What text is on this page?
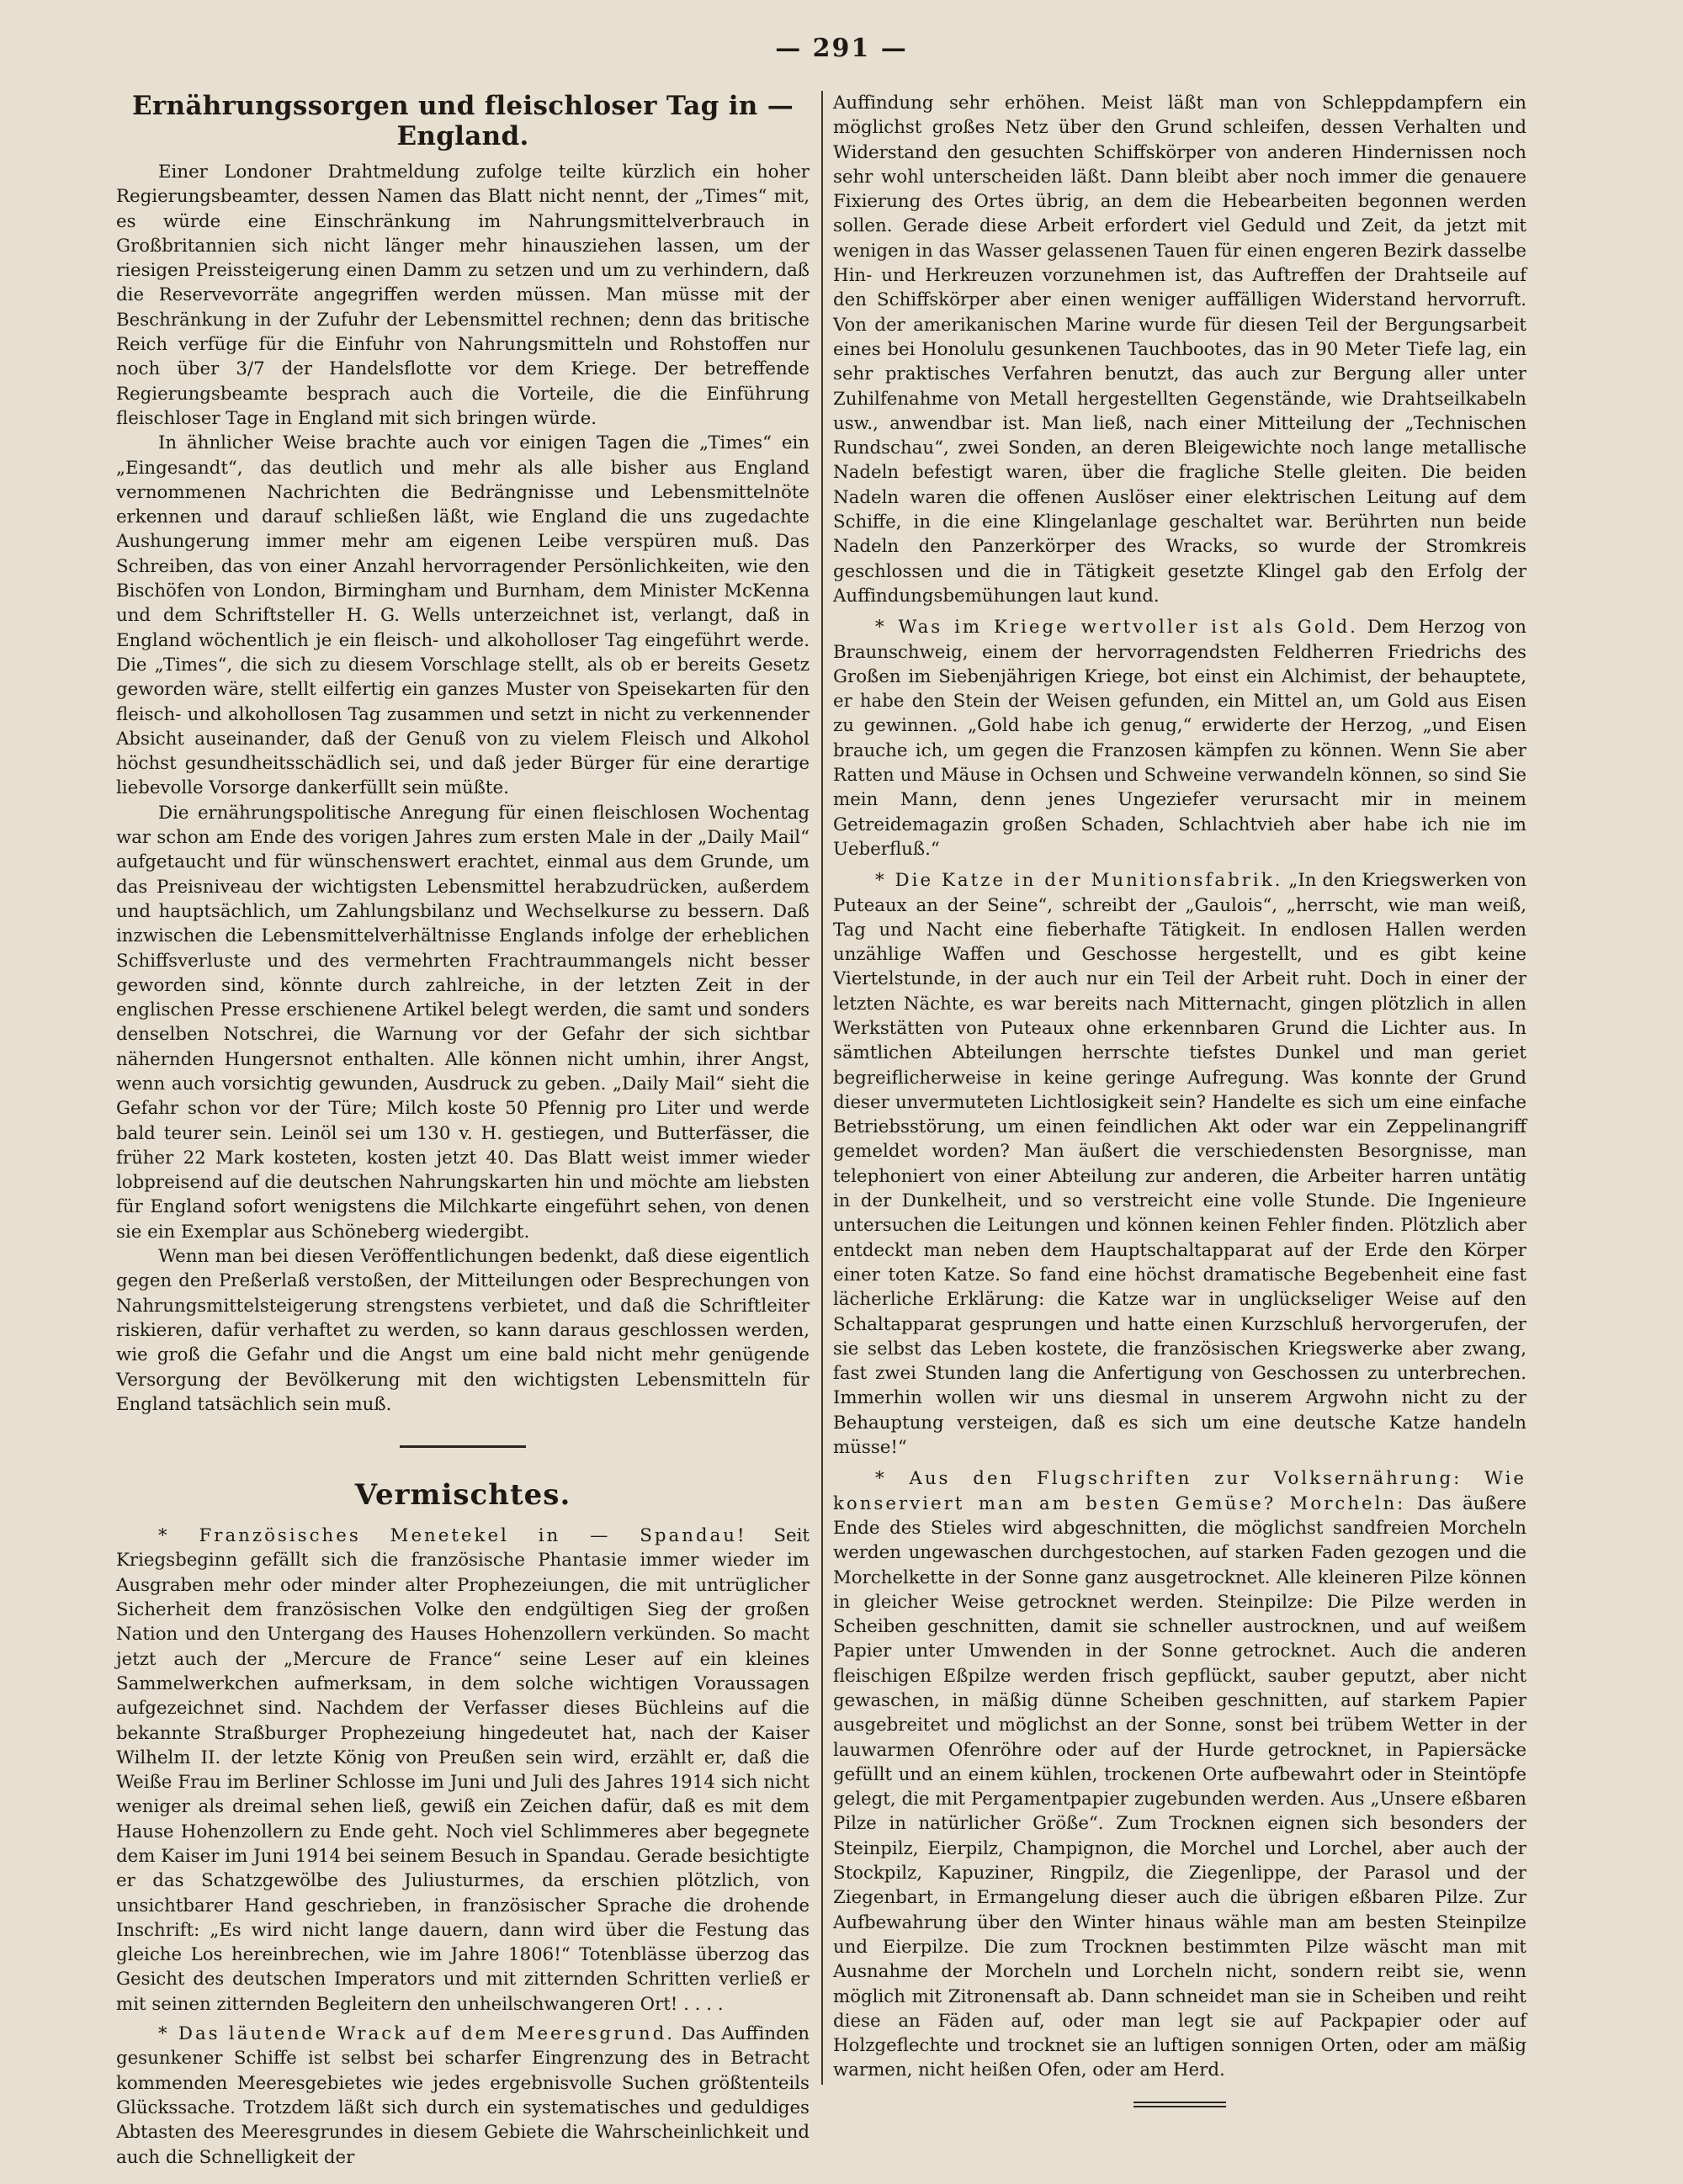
— 291 —
Ernährungssorgen und fleischloser Tag in — England.

Einer Londoner Drahtmeldung zufolge teilte kürzlich ein hoher Regierungsbeamter, dessen Namen das Blatt nicht nennt, der „Times“ mit, es würde eine Einschränkung im Nahrungsmittelverbrauch in Großbritannien sich nicht länger mehr hinausziehen lassen, um der riesigen Preissteigerung einen Damm zu setzen und um zu verhindern, daß die Reservevorräte angegriffen werden müssen. Man müsse mit der Beschränkung in der Zufuhr der Lebensmittel rechnen; denn das britische Reich verfüge für die Einfuhr von Nahrungsmitteln und Rohstoffen nur noch über 3/7 der Handelsflotte vor dem Kriege. Der betreffende Regierungsbeamte besprach auch die Vorteile, die die Einführung fleischloser Tage in England mit sich bringen würde.

In ähnlicher Weise brachte auch vor einigen Tagen die „Times“ ein „Eingesandt“, das deutlich und mehr als alle bisher aus England vernommenen Nachrichten die Bedrängnisse und Lebensmittelnöte erkennen und darauf schließen läßt, wie England die uns zugedachte Aushungerung immer mehr am eigenen Leibe verspüren muß. Das Schreiben, das von einer Anzahl hervorragender Persönlichkeiten, wie den Bischöfen von London, Birmingham und Burnham, dem Minister McKenna und dem Schriftsteller H. G. Wells unterzeichnet ist, verlangt, daß in England wöchentlich je ein fleisch- und alkoholloser Tag eingeführt werde. Die „Times“, die sich zu diesem Vorschlage stellt, als ob er bereits Gesetz geworden wäre, stellt eilfertig ein ganzes Muster von Speisekarten für den fleisch- und alkohollosen Tag zusammen und setzt in nicht zu verkennender Absicht auseinander, daß der Genuß von zu vielem Fleisch und Alkohol höchst gesundheitsschädlich sei, und daß jeder Bürger für eine derartige liebevolle Vorsorge dankerfüllt sein müßte.

Die ernährungspolitische Anregung für einen fleischlosen Wochentag war schon am Ende des vorigen Jahres zum ersten Male in der „Daily Mail“ aufgetaucht und für wünschenswert erachtet, einmal aus dem Grunde, um das Preisniveau der wichtigsten Lebensmittel herabzudrücken, außerdem und hauptsächlich, um Zahlungsbilanz und Wechselkurse zu bessern. Daß inzwischen die Lebensmittelverhältnisse Englands infolge der erheblichen Schiffsverluste und des vermehrten Frachtraummangels nicht besser geworden sind, könnte durch zahlreiche, in der letzten Zeit in der englischen Presse erschienene Artikel belegt werden, die samt und sonders denselben Notschrei, die Warnung vor der Gefahr der sich sichtbar nähernden Hungersnot enthalten. Alle können nicht umhin, ihrer Angst, wenn auch vorsichtig gewunden, Ausdruck zu geben. „Daily Mail“ sieht die Gefahr schon vor der Türe; Milch koste 50 Pfennig pro Liter und werde bald teurer sein. Leinöl sei um 130 v. H. gestiegen, und Butterfässer, die früher 22 Mark kosteten, kosten jetzt 40. Das Blatt weist immer wieder lobpreisend auf die deutschen Nahrungskarten hin und möchte am liebsten für England sofort wenigstens die Milchkarte eingeführt sehen, von denen sie ein Exemplar aus Schöneberg wiedergibt.

Wenn man bei diesen Veröffentlichungen bedenkt, daß diese eigentlich gegen den Preßerlaß verstoßen, der Mitteilungen oder Besprechungen von Nahrungsmittelsteigerung strengstens verbietet, und daß die Schriftleiter riskieren, dafür verhaftet zu werden, so kann daraus geschlossen werden, wie groß die Gefahr und die Angst um eine bald nicht mehr genügende Versorgung der Bevölkerung mit den wichtigsten Lebensmitteln für England tatsächlich sein muß.

Vermischtes.

* Französisches Menetekel in — Spandau! Seit Kriegsbeginn gefällt sich die französische Phantasie immer wieder im Ausgraben mehr oder minder alter Prophezeiungen, die mit untrüglicher Sicherheit dem französischen Volke den endgültigen Sieg der großen Nation und den Untergang des Hauses Hohenzollern verkünden. So macht jetzt auch der „Mercure de France“ seine Leser auf ein kleines Sammelwerkchen aufmerksam, in dem solche wichtigen Voraussagen aufgezeichnet sind. Nachdem der Verfasser dieses Büchleins auf die bekannte Straßburger Prophezeiung hingedeutet hat, nach der Kaiser Wilhelm II. der letzte König von Preußen sein wird, erzählt er, daß die Weiße Frau im Berliner Schlosse im Juni und Juli des Jahres 1914 sich nicht weniger als dreimal sehen ließ, gewiß ein Zeichen dafür, daß es mit dem Hause Hohenzollern zu Ende geht. Noch viel Schlimmeres aber begegnete dem Kaiser im Juni 1914 bei seinem Besuch in Spandau. Gerade besichtigte er das Schatzgewölbe des Juliusturmes, da erschien plötzlich, von unsichtbarer Hand geschrieben, in französischer Sprache die drohende Inschrift: „Es wird nicht lange dauern, dann wird über die Festung das gleiche Los hereinbrechen, wie im Jahre 1806!“ Totenblässe überzog das Gesicht des deutschen Imperators und mit zitternden Schritten verließ er mit seinen zitternden Begleitern den unheilschwangeren Ort! . . . .

* Das läutende Wrack auf dem Meeresgrund. Das Auffinden gesunkener Schiffe ist selbst bei scharfer Eingrenzung des in Betracht kommenden Meeresgebietes wie jedes ergebnisvolle Suchen größtenteils Glückssache. Trotzdem läßt sich durch ein systematisches und geduldiges Abtasten des Meeresgrundes in diesem Gebiete die Wahrscheinlichkeit und auch die Schnelligkeit der

Auffindung sehr erhöhen. Meist läßt man von Schleppdampfern ein möglichst großes Netz über den Grund schleifen, dessen Verhalten und Widerstand den gesuchten Schiffskörper von anderen Hindernissen noch sehr wohl unterscheiden läßt. Dann bleibt aber noch immer die genauere Fixierung des Ortes übrig, an dem die Hebearbeiten begonnen werden sollen. Gerade diese Arbeit erfordert viel Geduld und Zeit, da jetzt mit wenigen in das Wasser gelassenen Tauen für einen engeren Bezirk dasselbe Hin- und Herkreuzen vorzunehmen ist, das Auftreffen der Drahtseile auf den Schiffskörper aber einen weniger auffälligen Widerstand hervorruft. Von der amerikanischen Marine wurde für diesen Teil der Bergungsarbeit eines bei Honolulu gesunkenen Tauchbootes, das in 90 Meter Tiefe lag, ein sehr praktisches Verfahren benutzt, das auch zur Bergung aller unter Zuhilfenahme von Metall hergestellten Gegenstände, wie Drahtseilkabeln usw., anwendbar ist. Man ließ, nach einer Mitteilung der „Technischen Rundschau“, zwei Sonden, an deren Bleigewichte noch lange metallische Nadeln befestigt waren, über die fragliche Stelle gleiten. Die beiden Nadeln waren die offenen Auslöser einer elektrischen Leitung auf dem Schiffe, in die eine Klingelanlage geschaltet war. Berührten nun beide Nadeln den Panzerkörper des Wracks, so wurde der Stromkreis geschlossen und die in Tätigkeit gesetzte Klingel gab den Erfolg der Auffindungsbemühungen laut kund.

* Was im Kriege wertvoller ist als Gold. Dem Herzog von Braunschweig, einem der hervorragendsten Feldherren Friedrichs des Großen im Siebenjährigen Kriege, bot einst ein Alchimist, der behauptete, er habe den Stein der Weisen gefunden, ein Mittel an, um Gold aus Eisen zu gewinnen. „Gold habe ich genug,“ erwiderte der Herzog, „und Eisen brauche ich, um gegen die Franzosen kämpfen zu können. Wenn Sie aber Ratten und Mäuse in Ochsen und Schweine verwandeln können, so sind Sie mein Mann, denn jenes Ungeziefer verursacht mir in meinem Getreidemagazin großen Schaden, Schlachtvieh aber habe ich nie im Ueberfluß.“

* Die Katze in der Munitionsfabrik. „In den Kriegswerken von Puteaux an der Seine“, schreibt der „Gaulois“, „herrscht, wie man weiß, Tag und Nacht eine fieberhafte Tätigkeit. In endlosen Hallen werden unzählige Waffen und Geschosse hergestellt, und es gibt keine Viertelstunde, in der auch nur ein Teil der Arbeit ruht. Doch in einer der letzten Nächte, es war bereits nach Mitternacht, gingen plötzlich in allen Werkstätten von Puteaux ohne erkennbaren Grund die Lichter aus. In sämtlichen Abteilungen herrschte tiefstes Dunkel und man geriet begreiflicherweise in keine geringe Aufregung. Was konnte der Grund dieser unvermuteten Lichtlosigkeit sein? Handelte es sich um eine einfache Betriebsstörung, um einen feindlichen Akt oder war ein Zeppelinangriff gemeldet worden? Man äußert die verschiedensten Besorgnisse, man telephoniert von einer Abteilung zur anderen, die Arbeiter harren untätig in der Dunkelheit, und so verstreicht eine volle Stunde. Die Ingenieure untersuchen die Leitungen und können keinen Fehler finden. Plötzlich aber entdeckt man neben dem Hauptschaltapparat auf der Erde den Körper einer toten Katze. So fand eine höchst dramatische Begebenheit eine fast lächerliche Erklärung: die Katze war in unglückseliger Weise auf den Schaltapparat gesprungen und hatte einen Kurzschluß hervorgerufen, der sie selbst das Leben kostete, die französischen Kriegswerke aber zwang, fast zwei Stunden lang die Anfertigung von Geschossen zu unterbrechen. Immerhin wollen wir uns diesmal in unserem Argwohn nicht zu der Behauptung versteigen, daß es sich um eine deutsche Katze handeln müsse!“

* Aus den Flugschriften zur Volksernährung: Wie konserviert man am besten Gemüse? Morcheln: Das äußere Ende des Stieles wird abgeschnitten, die möglichst sandfreien Morcheln werden ungewaschen durchgestochen, auf starken Faden gezogen und die Morchelkette in der Sonne ganz ausgetrocknet. Alle kleineren Pilze können in gleicher Weise getrocknet werden. Steinpilze: Die Pilze werden in Scheiben geschnitten, damit sie schneller austrocknen, und auf weißem Papier unter Umwenden in der Sonne getrocknet. Auch die anderen fleischigen Eßpilze werden frisch gepflückt, sauber geputzt, aber nicht gewaschen, in mäßig dünne Scheiben geschnitten, auf starkem Papier ausgebreitet und möglichst an der Sonne, sonst bei trübem Wetter in der lauwarmen Ofenröhre oder auf der Hurde getrocknet, in Papiersäcke gefüllt und an einem kühlen, trockenen Orte aufbewahrt oder in Steintöpfe gelegt, die mit Pergamentpapier zugebunden werden. Aus „Unsere eßbaren Pilze in natürlicher Größe“. Zum Trocknen eignen sich besonders der Steinpilz, Eierpilz, Champignon, die Morchel und Lorchel, aber auch der Stockpilz, Kapuziner, Ringpilz, die Ziegenlippe, der Parasol und der Ziegenbart, in Ermangelung dieser auch die übrigen eßbaren Pilze. Zur Aufbewahrung über den Winter hinaus wähle man am besten Steinpilze und Eierpilze. Die zum Trocknen bestimmten Pilze wäscht man mit Ausnahme der Morcheln und Lorcheln nicht, sondern reibt sie, wenn möglich mit Zitronensaft ab. Dann schneidet man sie in Scheiben und reiht diese an Fäden auf, oder man legt sie auf Packpapier oder auf Holzgeflechte und trocknet sie an luftigen sonnigen Orten, oder am mäßig warmen, nicht heißen Ofen, oder am Herd.
